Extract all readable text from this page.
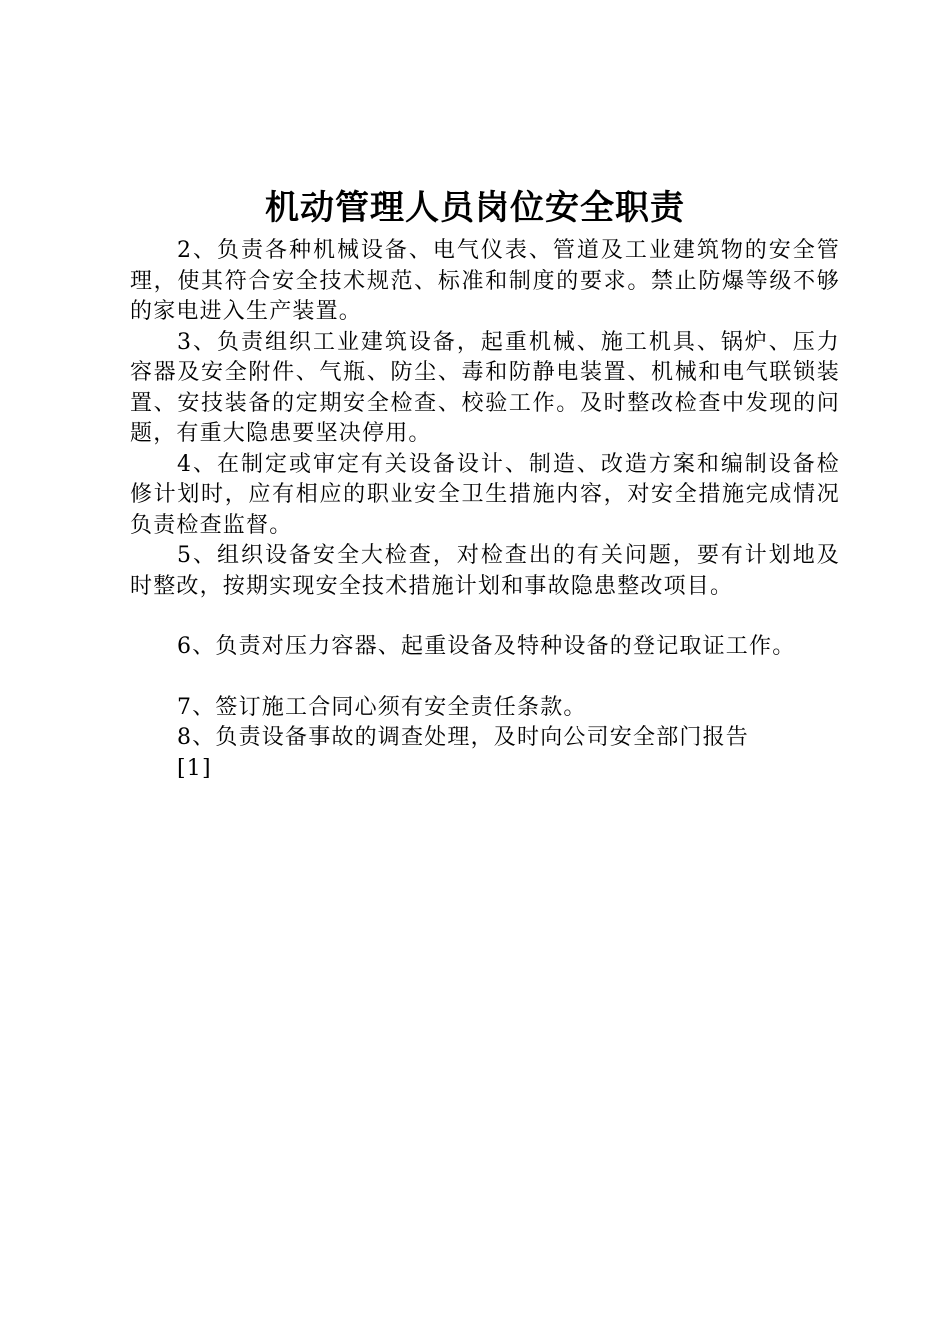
机动管理人员岗位安全职责

2、负责各种机械设备、电气仪表、管道及工业建筑物的安全管理，使其符合安全技术规范、标准和制度的要求。禁止防爆等级不够的家电进入生产装置。

3、负责组织工业建筑设备，起重机械、施工机具、锅炉、压力容器及安全附件、气瓶、防尘、毒和防静电装置、机械和电气联锁装置、安技装备的定期安全检查、校验工作。及时整改检查中发现的问题，有重大隐患要坚决停用。

4、在制定或审定有关设备设计、制造、改造方案和编制设备检修计划时，应有相应的职业安全卫生措施内容，对安全措施完成情况负责检查监督。

5、组织设备安全大检查，对检查出的有关问题，要有计划地及时整改，按期实现安全技术措施计划和事故隐患整改项目。

6、负责对压力容器、起重设备及特种设备的登记取证工作。

7、签订施工合同心须有安全责任条款。

8、负责设备事故的调查处理，及时向公司安全部门报告

[1]
